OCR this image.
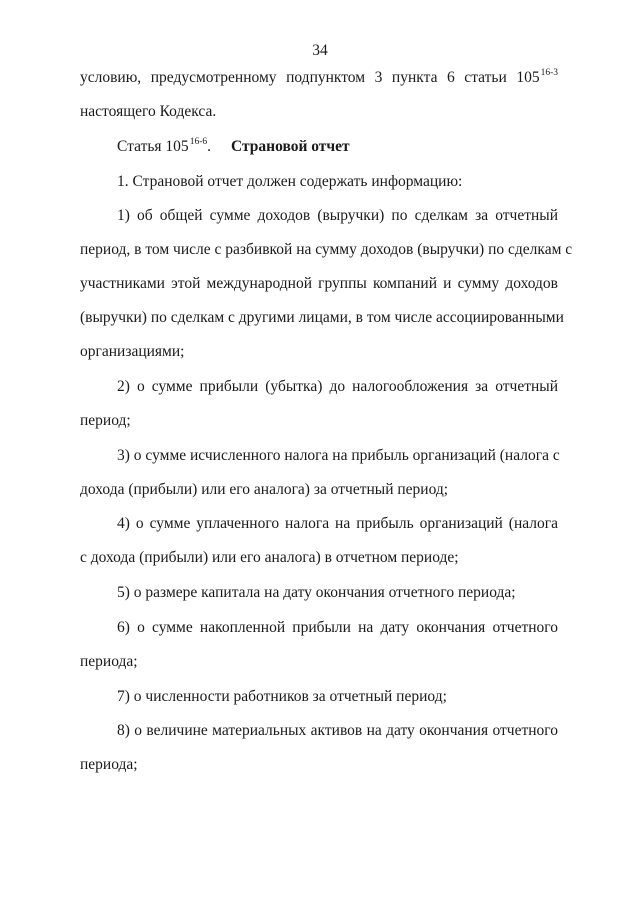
34
условию, предусмотренному подпунктом 3 пункта 6 статьи 105$^{16-3}$
настоящего Кодекса.
Статья 105$^{16-6}$. Страновой отчет
1. Страновой отчет должен содержать информацию:
1) об общей сумме доходов (выручки) по сделкам за отчетный
период, в том числе с разбивкой на сумму доходов (выручки) по сделкам с
участниками этой международной группы компаний и сумму доходов
(выручки) по сделкам с другими лицами, в том числе ассоциированными
организациями;
2) о сумме прибыли (убытка) до налогообложения за отчетный
период;
3) о сумме исчисленного налога на прибыль организаций (налога с
дохода (прибыли) или его аналога) за отчетный период;
4) о сумме уплаченного налога на прибыль организаций (налога
с дохода (прибыли) или его аналога) в отчетном периоде;
5) о размере капитала на дату окончания отчетного периода;
6) о сумме накопленной прибыли на дату окончания отчетного
периода;
7) о численности работников за отчетный период;
8) о величине материальных активов на дату окончания отчетного
периода;
